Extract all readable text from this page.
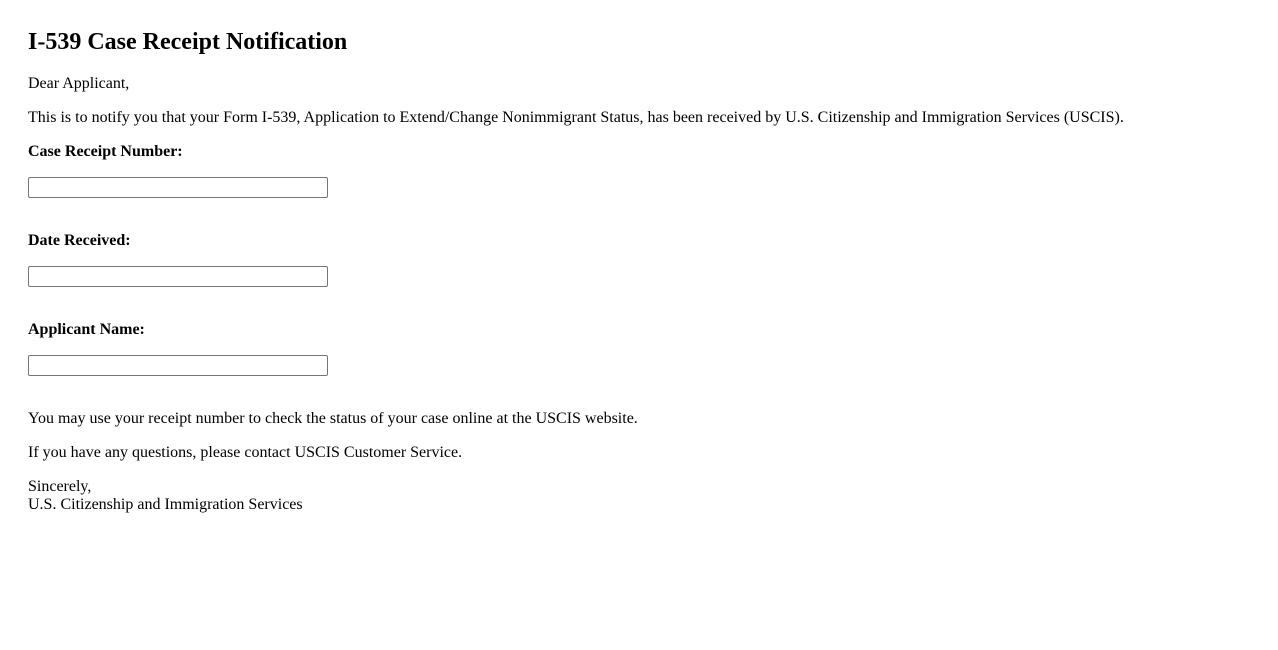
I-539 Case Receipt Notification

Dear Applicant,

This is to notify you that your Form I-539, Application to Extend/Change Nonimmigrant Status, has been received by U.S. Citizenship and Immigration Services (USCIS).

Case Receipt Number:

Date Received:

Applicant Name:

You may use your receipt number to check the status of your case online at the USCIS website.

If you have any questions, please contact USCIS Customer Service.

Sincerely,

U.S. Citizenship and Immigration Services
